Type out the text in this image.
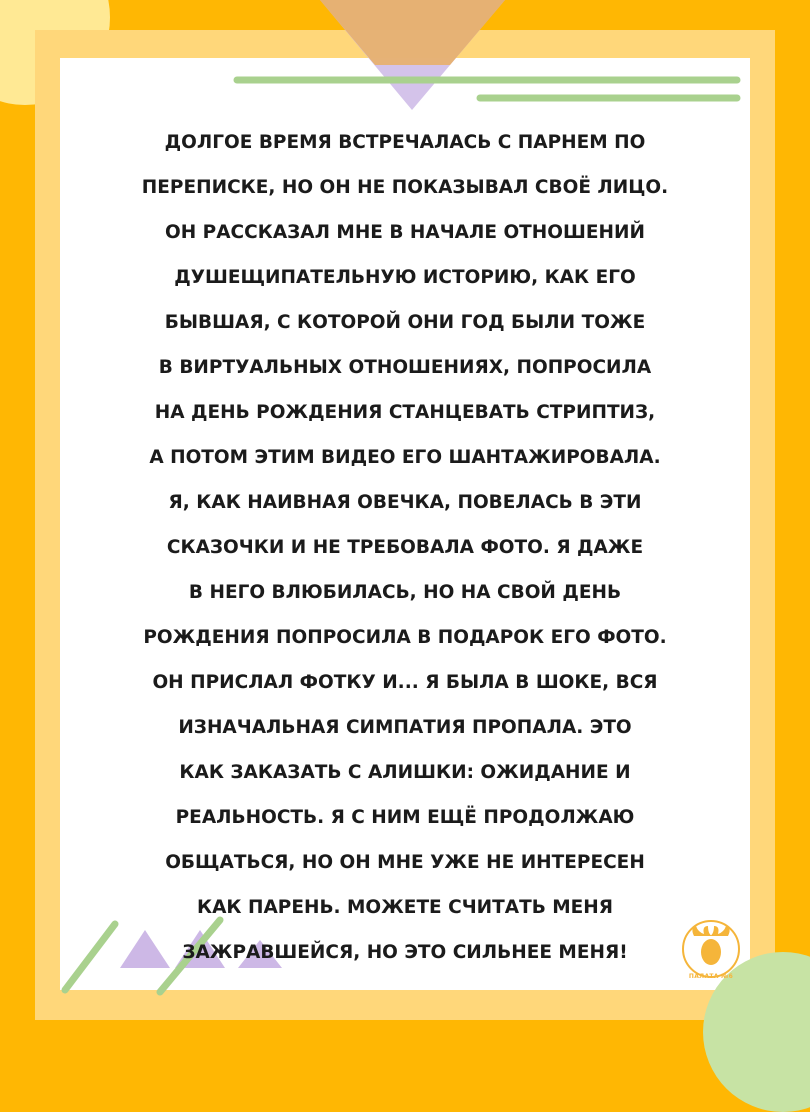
ПАЛАТА №6
ДОЛГОЕ ВРЕМЯ ВСТРЕЧАЛАСЬ С ПАРНЕМ ПО
ПЕРЕПИСКЕ, НО ОН НЕ ПОКАЗЫВАЛ СВОЁ ЛИЦО.
ОН РАССКАЗАЛ МНЕ В НАЧАЛЕ ОТНОШЕНИЙ
ДУШЕЩИПАТЕЛЬНУЮ ИСТОРИЮ, КАК ЕГО
БЫВШАЯ, С КОТОРОЙ ОНИ ГОД БЫЛИ ТОЖЕ
В ВИРТУАЛЬНЫХ ОТНОШЕНИЯХ, ПОПРОСИЛА
НА ДЕНЬ РОЖДЕНИЯ СТАНЦЕВАТЬ СТРИПТИЗ,
А ПОТОМ ЭТИМ ВИДЕО ЕГО ШАНТАЖИРОВАЛА.
Я, КАК НАИВНАЯ ОВЕЧКА, ПОВЕЛАСЬ В ЭТИ
СКАЗОЧКИ И НЕ ТРЕБОВАЛА ФОТО. Я ДАЖЕ
В НЕГО ВЛЮБИЛАСЬ, НО НА СВОЙ ДЕНЬ
РОЖДЕНИЯ ПОПРОСИЛА В ПОДАРОК ЕГО ФОТО.
ОН ПРИСЛАЛ ФОТКУ И... Я БЫЛА В ШОКЕ, ВСЯ
ИЗНАЧАЛЬНАЯ СИМПАТИЯ ПРОПАЛА. ЭТО
КАК ЗАКАЗАТЬ С АЛИШКИ: ОЖИДАНИЕ И
РЕАЛЬНОСТЬ. Я С НИМ ЕЩЁ ПРОДОЛЖАЮ
ОБЩАТЬСЯ, НО ОН МНЕ УЖЕ НЕ ИНТЕРЕСЕН
КАК ПАРЕНЬ. МОЖЕТЕ СЧИТАТЬ МЕНЯ
ЗАЖРАВШЕЙСЯ, НО ЭТО СИЛЬНЕЕ МЕНЯ!
